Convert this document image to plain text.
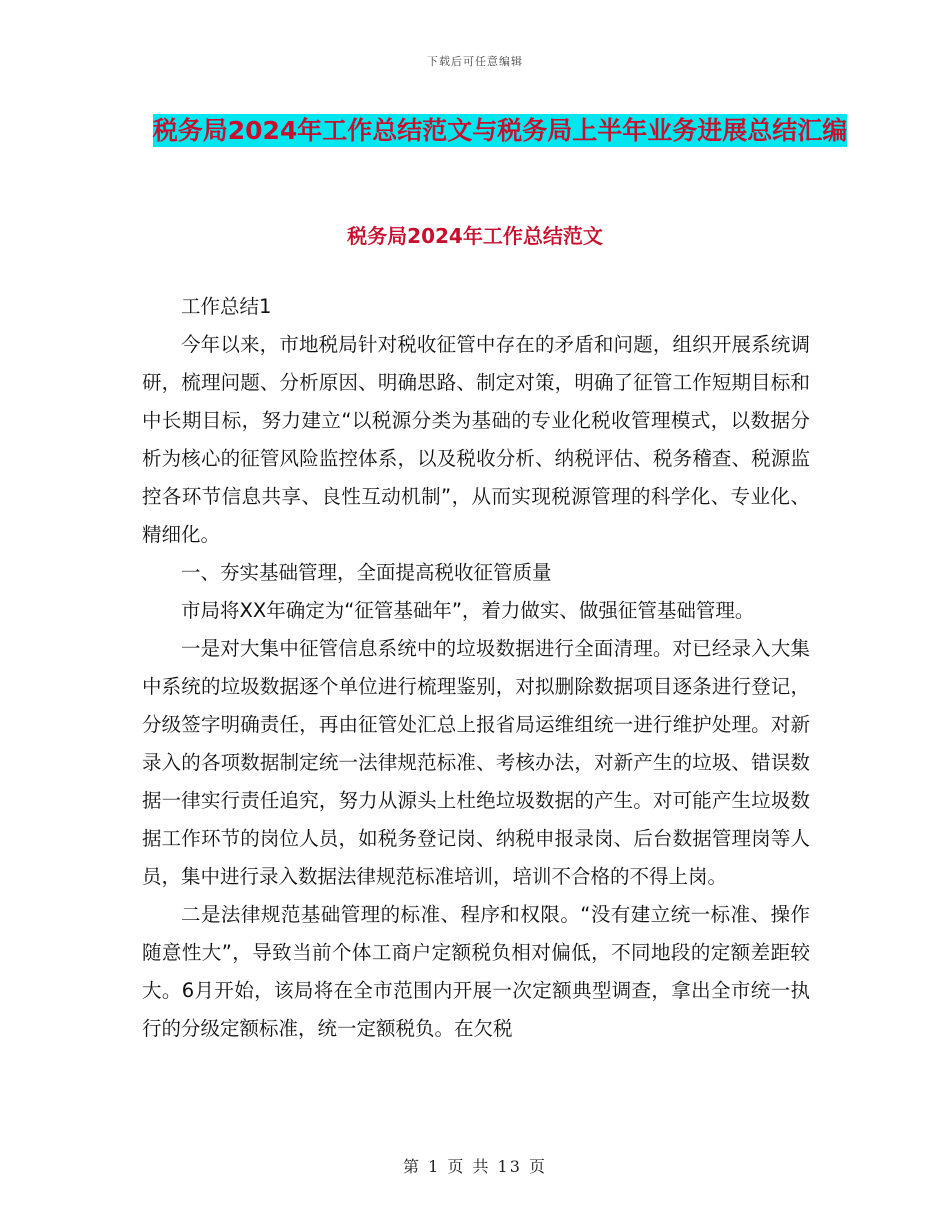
下载后可任意编辑
税务局2024年工作总结范文与税务局上半年业务进展总结汇编
税务局2024年工作总结范文

工作总结1

今年以来，市地税局针对税收征管中存在的矛盾和问题，组织开展系统调研，梳理问题、分析原因、明确思路、制定对策，明确了征管工作短期目标和中长期目标，努力建立“以税源分类为基础的专业化税收管理模式，以数据分析为核心的征管风险监控体系，以及税收分析、纳税评估、税务稽查、税源监控各环节信息共享、良性互动机制”，从而实现税源管理的科学化、专业化、精细化。

一、夯实基础管理，全面提高税收征管质量

市局将XX年确定为“征管基础年”，着力做实、做强征管基础管理。

一是对大集中征管信息系统中的垃圾数据进行全面清理。对已经录入大集中系统的垃圾数据逐个单位进行梳理鉴别，对拟删除数据项目逐条进行登记，分级签字明确责任，再由征管处汇总上报省局运维组统一进行维护处理。对新录入的各项数据制定统一法律规范标准、考核办法，对新产生的垃圾、错误数据一律实行责任追究，努力从源头上杜绝垃圾数据的产生。对可能产生垃圾数据工作环节的岗位人员，如税务登记岗、纳税申报录岗、后台数据管理岗等人员，集中进行录入数据法律规范标准培训，培训不合格的不得上岗。

二是法律规范基础管理的标准、程序和权限。“没有建立统一标准、操作随意性大”，导致当前个体工商户定额税负相对偏低，不同地段的定额差距较大。6月开始，该局将在全市范围内开展一次定额典型调查，拿出全市统一执行的分级定额标准，统一定额税负。在欠税

第 1 页 共 13 页
